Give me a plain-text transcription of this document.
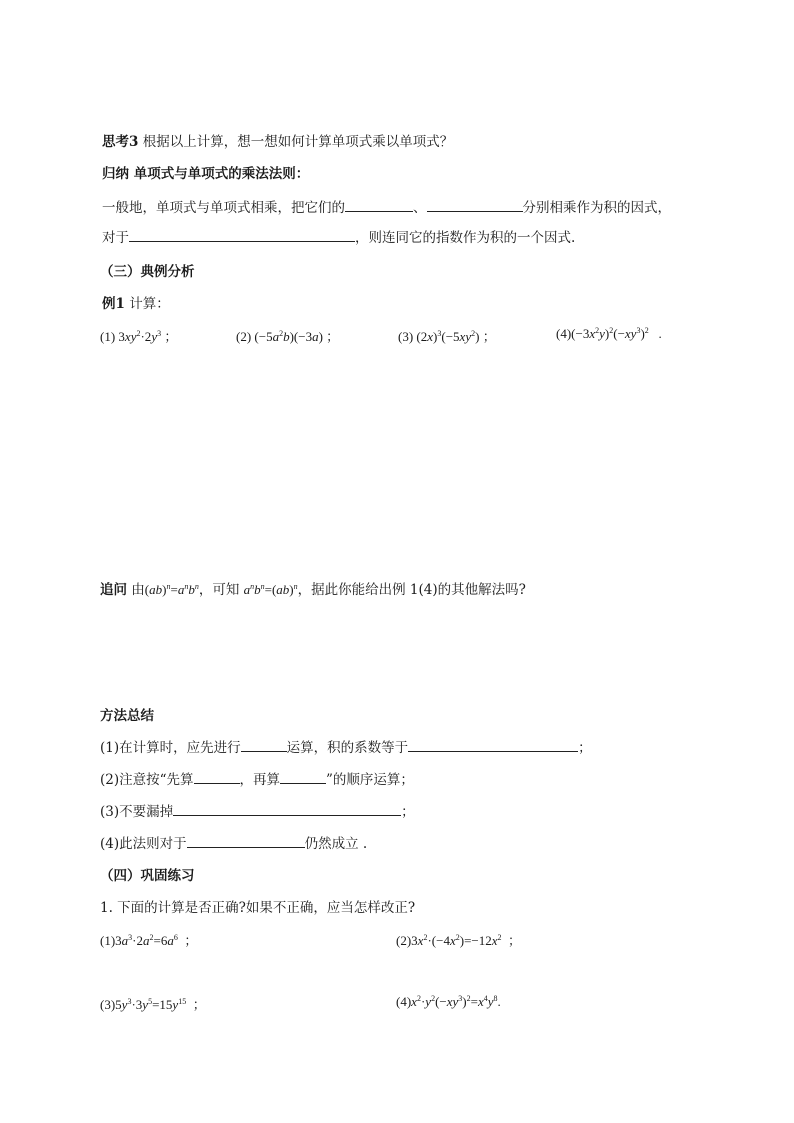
思考3 根据以上计算，想一想如何计算单项式乘以单项式？
归纳 单项式与单项式的乘法法则：
一般地，单项式与单项式相乘，把它们的	、	分别相乘作为积的因式，
对于	，则连同它的指数作为积的一个因式.
（三）典例分析
例1 计算：
(1) $3xy^2\cdot 2y^3$ ；	(2) $(-5a^2b)(-3a)$ ；	(3) $(2x)^3(-5xy^2)$ ；	$(4)(-3x^2y)^2(-xy^3)^2$ .
追问 由$(ab)^n=a^nb^n$，可知 $a^nb^n=(ab)^n$，据此你能给出例 1(4)的其他解法吗?
方法总结
(1)在计算时，应先进行	运算，积的系数等于	；
(2)注意按“先算	，再算	”的顺序运算；
(3)不要漏掉	；
(4)此法则对于	仍然成立 .
（四）巩固练习
1. 下面的计算是否正确?如果不正确，应当怎样改正?
$(1)3a^3\cdot 2a^2=6a^6$  ；	$(2)3x^2\cdot(-4x^2)=-12x^2$  ；
$(3)5y^3\cdot 3y^5=15y^{15}$  ；	$(4)x^2\cdot y^2(-xy^3)^2=x^4y^8$.
